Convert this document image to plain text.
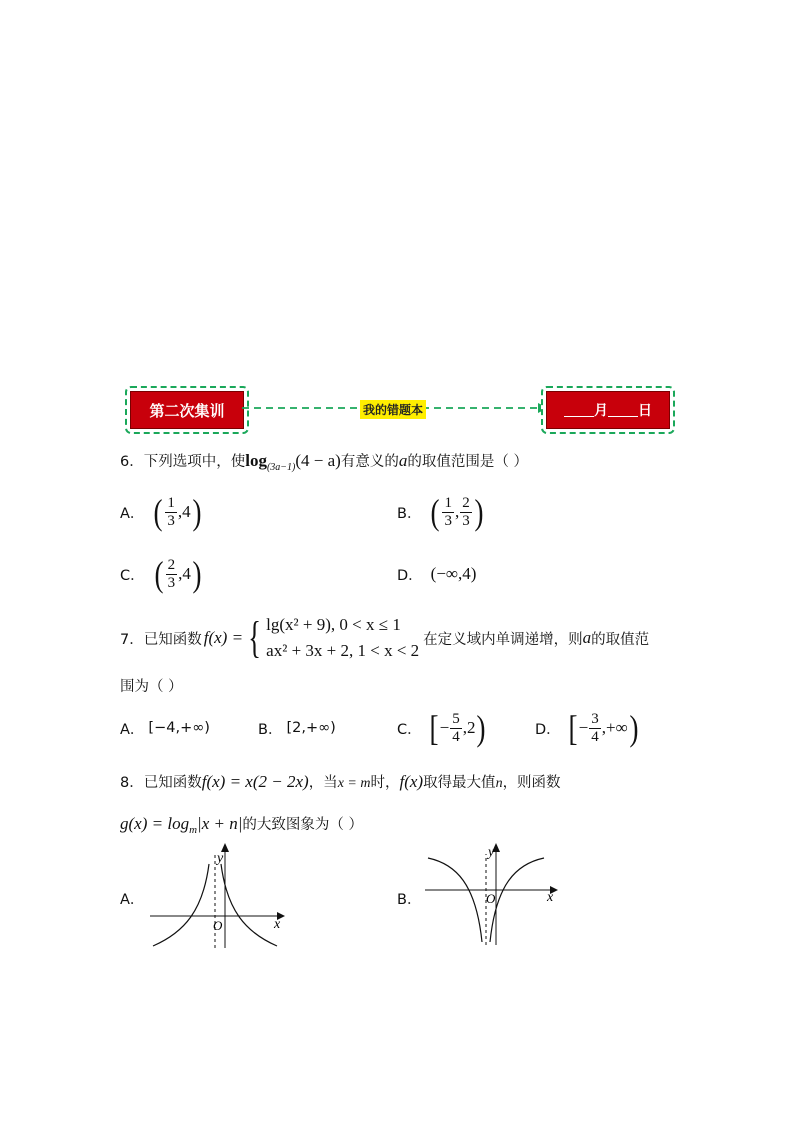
第二次集训	我的错题本	月 日
6．下列选项中，使$\log_{(3a-1)}(4 - a)$有意义的a的取值范围是（ ）
A． ( $\frac{1}{3} ,4$)	B． ( $\frac{1}{3}$ , $\frac{2}{3}$ )
C． ( $\frac{2}{3} ,4$)	D． (−∞,4)
7．已知函数 f(x) = { lg(x² + 9), 0 < x ≤ 1
ax² + 3x + 2, 1 < x < 2
在定义域内单调递增，则 a 的取值范
围为（ ）
A． [−4,+∞)	B． [2,+∞)	C． [− $\frac{5}{4} ,2$)	D． [− $\frac{3}{4}$ ,+∞)
8．已知函数f(x) = x(2 − 2x)，当x = m时，f(x)取得最大值n，则函数
$g(x) = \log_m|x + n|$的大致图象为（ ）
A．
y
x
O
B．
y
x
O
